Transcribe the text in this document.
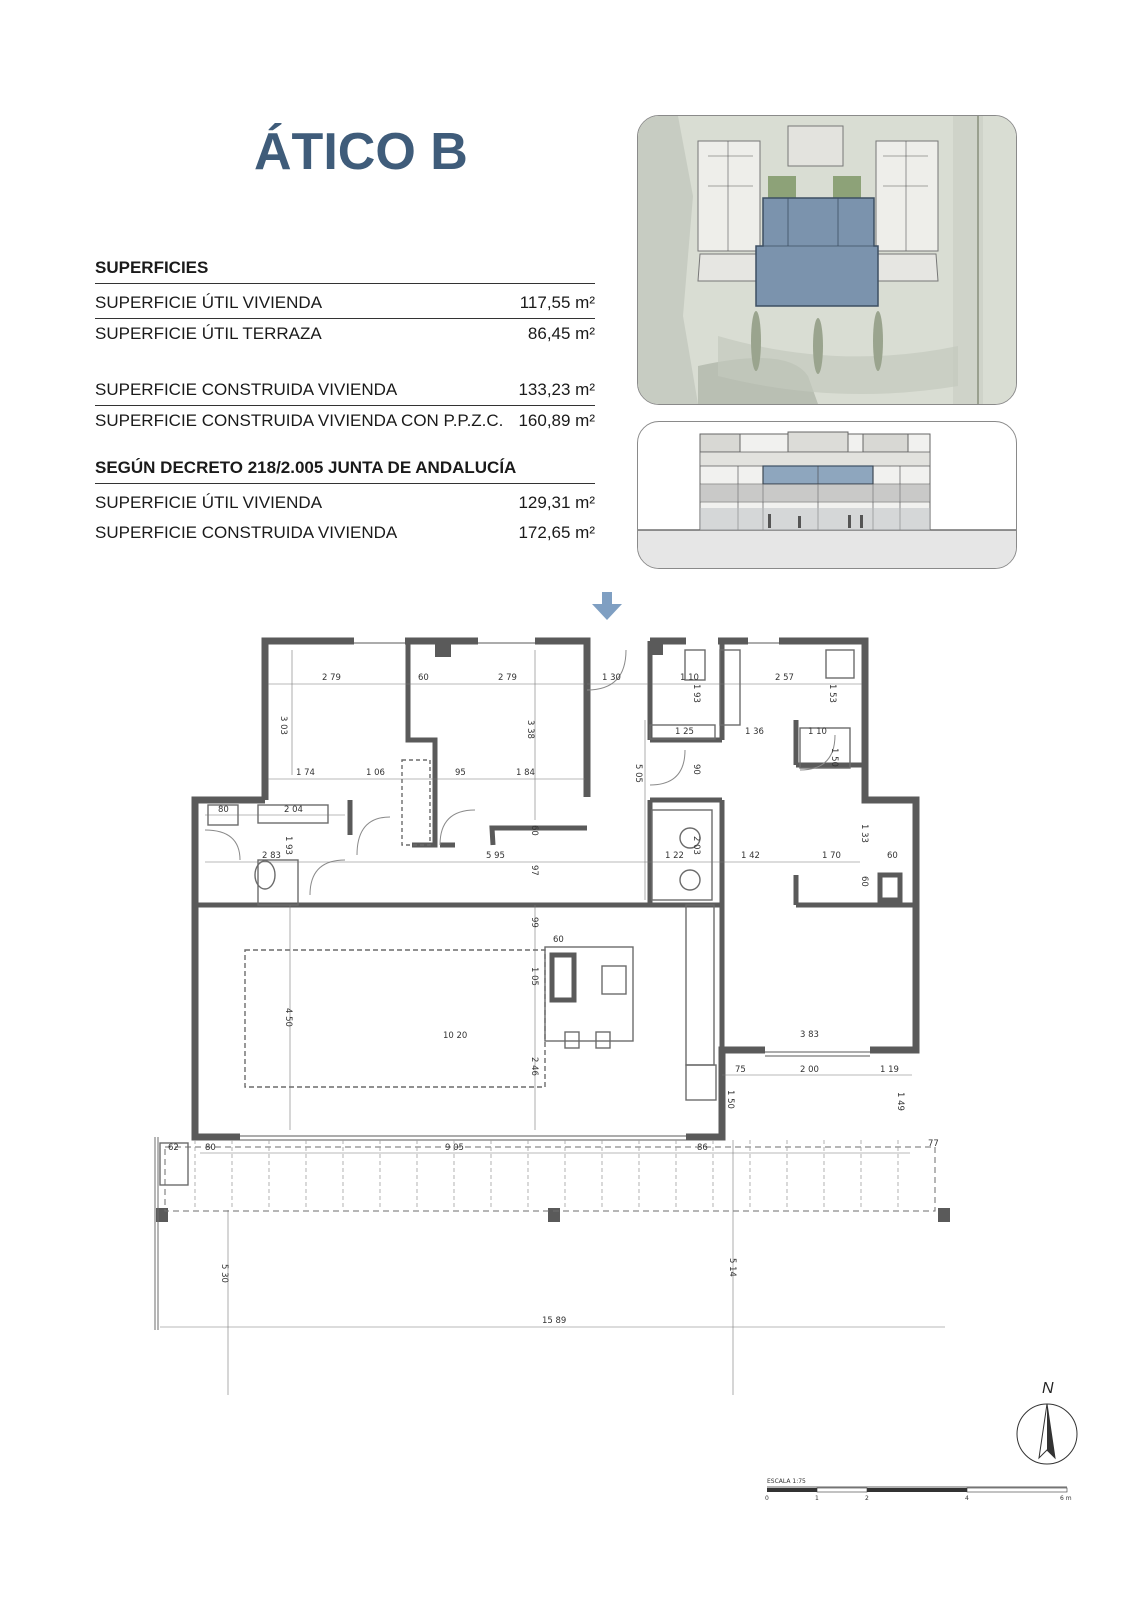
ÁTICO B
SUPERFICIES
SUPERFICIE ÚTIL VIVIENDA	117,55 m²
SUPERFICIE ÚTIL TERRAZA	86,45 m²
SUPERFICIE CONSTRUIDA VIVIENDA	133,23 m²
SUPERFICIE CONSTRUIDA VIVIENDA CON P.P.Z.C. 160,89 m²
SEGÚN DECRETO 218/2.005 JUNTA DE ANDALUCÍA
SUPERFICIE ÚTIL VIVIENDA	129,31 m²
SUPERFICIE CONSTRUIDA VIVIENDA	172,65 m²
2 79	60	2 79	1 30	1 10	2 57
3 03	3 38
1 93	1 53
1 25	1 36	1 10
1 74	1 06	95	1 84	5 05	90
1 50
80	2 04
1 93
60
2 03
1 33
2 83	5 95	1 22	1 42	1 70	60
97
60
99
60
1 05
4 50
10 20
2 46
3 83
75	2 00	1 19
1 50	1 49
62	80	9 05	86	77
5 30	5 14
15 89
N
ESCALA 1:75
0	1	2	4	6 m
